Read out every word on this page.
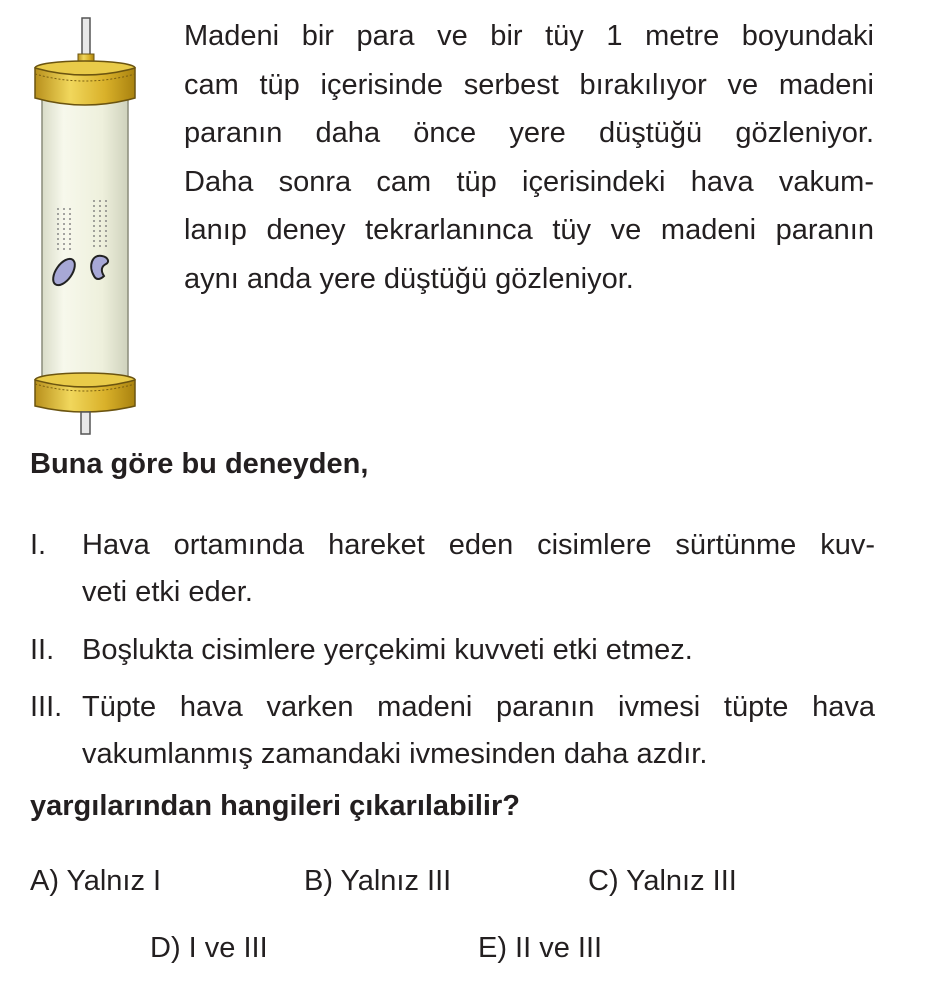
Madeni bir para ve bir tüy 1 metre boyundaki
cam tüp içerisinde serbest bırakılıyor ve madeni
paranın daha önce yere düştüğü gözleniyor.
Daha sonra cam tüp içerisindeki hava vakum-
lanıp deney tekrarlanınca tüy ve madeni paranın
aynı anda yere düştüğü gözleniyor.

Buna göre bu deneyden,

I. Hava ortamında hareket eden cisimlere sürtünme kuv-
veti etki eder.
II. Boşlukta cisimlere yerçekimi kuvveti etki etmez.
III. Tüpte hava varken madeni paranın ivmesi tüpte hava
vakumlanmış zamandaki ivmesinden daha azdır.

yargılarından hangileri çıkarılabilir?

A) Yalnız I	B) Yalnız III	C) Yalnız III
D) I ve III	E) II ve III
